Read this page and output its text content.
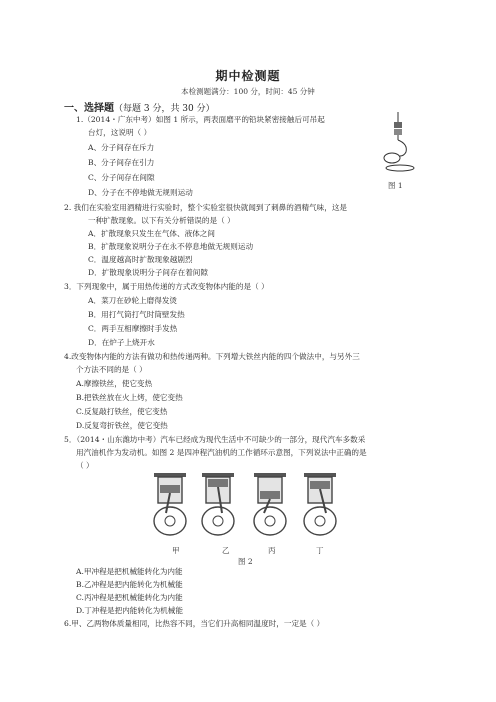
期中检测题
本检测题满分：100 分，时间：45 分钟
一、选择题（每题 3 分，共 30 分）
1.（2014・广东中考）如图 1 所示，两表面磨平的铅块紧密接触后可吊起
台灯，这说明（ ）
A、分子间存在斥力
B、分子间存在引力
C、分子间存在间隙
D、分子在不停地做无规则运动
图 1
2. 我们在实验室用酒精进行实验时，整个实验室很快就闻到了刺鼻的酒精气味，这是
一种扩散现象。以下有关分析错误的是（ ）
A．扩散现象只发生在气体、液体之间
B．扩散现象说明分子在永不停息地做无规则运动
C．温度越高时扩散现象越剧烈
D．扩散现象说明分子间存在着间隙
3．下列现象中，属于用热传递的方式改变物体内能的是（ ）
A．菜刀在砂轮上磨得发烫
B．用打气筒打气时筒壁发热
C．两手互相摩擦时手发热
D．在炉子上烧开水
4.改变物体内能的方法有做功和热传递两种。下列增大铁丝内能的四个做法中，与另外三
个方法不同的是（ ）
A.摩擦铁丝，使它变热
B.把铁丝放在火上烤，使它变热
C.反复敲打铁丝，使它变热
D.反复弯折铁丝，使它变热
5．（2014・山东潍坊中考）汽车已经成为现代生活中不可缺少的一部分，现代汽车多数采
用汽油机作为发动机。如图 2 是四冲程汽油机的工作循环示意图，下列说法中正确的是
（ ）
甲	乙	丙	丁
图 2
A.甲冲程是把机械能转化为内能
B.乙冲程是把内能转化为机械能
C.丙冲程是把机械能转化为内能
D.丁冲程是把内能转化为机械能
6.甲、乙两物体质量相同，比热容不同，当它们升高相同温度时，一定是（ ）
